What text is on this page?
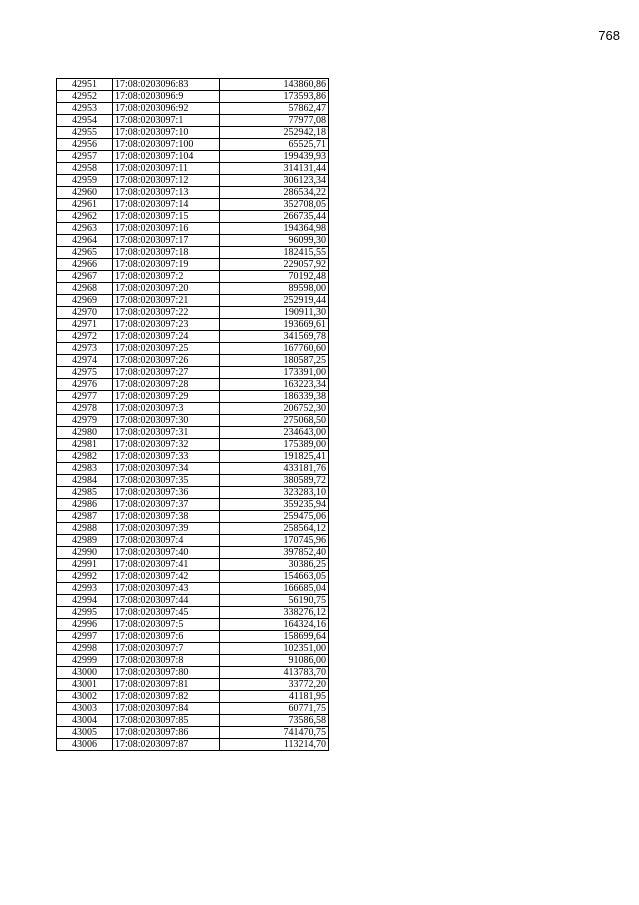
768
42951	17:08:0203096:83	143860,86
42952	17:08:0203096:9	173593,86
42953	17:08:0203096:92	57862,47
42954	17:08:0203097:1	77977,08
42955	17:08:0203097:10	252942,18
42956	17:08:0203097:100	65525,71
42957	17:08:0203097:104	199439,93
42958	17:08:0203097:11	314131,44
42959	17:08:0203097:12	306123,34
42960	17:08:0203097:13	286534,22
42961	17:08:0203097:14	352708,05
42962	17:08:0203097:15	266735,44
42963	17:08:0203097:16	194364,98
42964	17:08:0203097:17	96099,30
42965	17:08:0203097:18	182415,55
42966	17:08:0203097:19	229057,92
42967	17:08:0203097:2	70192,48
42968	17:08:0203097:20	89598,00
42969	17:08:0203097:21	252919,44
42970	17:08:0203097:22	190911,30
42971	17:08:0203097:23	193669,61
42972	17:08:0203097:24	341569,78
42973	17:08:0203097:25	167760,60
42974	17:08:0203097:26	180587,25
42975	17:08:0203097:27	173391,00
42976	17:08:0203097:28	163223,34
42977	17:08:0203097:29	186339,38
42978	17:08:0203097:3	206752,30
42979	17:08:0203097:30	275068,50
42980	17:08:0203097:31	234643,00
42981	17:08:0203097:32	175389,00
42982	17:08:0203097:33	191825,41
42983	17:08:0203097:34	433181,76
42984	17:08:0203097:35	380589,72
42985	17:08:0203097:36	323283,10
42986	17:08:0203097:37	359235,94
42987	17:08:0203097:38	259475,06
42988	17:08:0203097:39	258564,12
42989	17:08:0203097:4	170745,96
42990	17:08:0203097:40	397852,40
42991	17:08:0203097:41	30386,25
42992	17:08:0203097:42	154663,05
42993	17:08:0203097:43	166685,04
42994	17:08:0203097:44	56190,75
42995	17:08:0203097:45	338276,12
42996	17:08:0203097:5	164324,16
42997	17:08:0203097:6	158699,64
42998	17:08:0203097:7	102351,00
42999	17:08:0203097:8	91086,00
43000	17:08:0203097:80	413783,70
43001	17:08:0203097:81	33772,20
43002	17:08:0203097:82	41181,95
43003	17:08:0203097:84	60771,75
43004	17:08:0203097:85	73586,58
43005	17:08:0203097:86	741470,75
43006	17:08:0203097:87	113214,70
